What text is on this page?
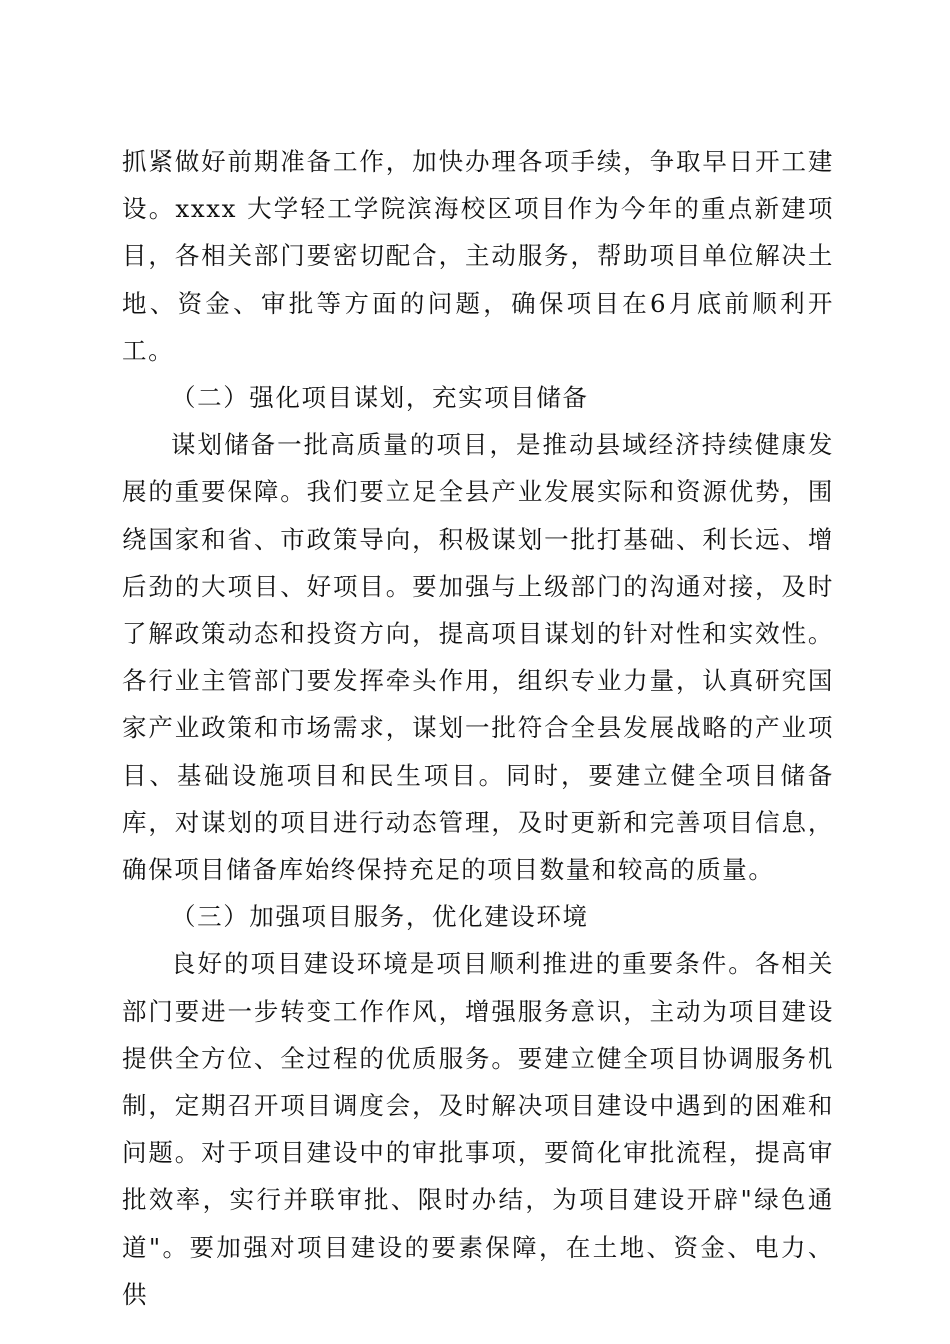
抓紧做好前期准备工作，加快办理各项手续，争取早日开工建设。xxxx 大学轻工学院滨海校区项目作为今年的重点新建项目，各相关部门要密切配合，主动服务，帮助项目单位解决土地、资金、审批等方面的问题，确保项目在6月底前顺利开工。

（二）强化项目谋划，充实项目储备

谋划储备一批高质量的项目，是推动县域经济持续健康发展的重要保障。我们要立足全县产业发展实际和资源优势，围绕国家和省、市政策导向，积极谋划一批打基础、利长远、增后劲的大项目、好项目。要加强与上级部门的沟通对接，及时了解政策动态和投资方向，提高项目谋划的针对性和实效性。各行业主管部门要发挥牵头作用，组织专业力量，认真研究国家产业政策和市场需求，谋划一批符合全县发展战略的产业项目、基础设施项目和民生项目。同时，要建立健全项目储备库，对谋划的项目进行动态管理，及时更新和完善项目信息，确保项目储备库始终保持充足的项目数量和较高的质量。

（三）加强项目服务，优化建设环境

良好的项目建设环境是项目顺利推进的重要条件。各相关部门要进一步转变工作作风，增强服务意识，主动为项目建设提供全方位、全过程的优质服务。要建立健全项目协调服务机制，定期召开项目调度会，及时解决项目建设中遇到的困难和问题。对于项目建设中的审批事项，要简化审批流程，提高审批效率，实行并联审批、限时办结，为项目建设开辟"绿色通道"。要加强对项目建设的要素保障，在土地、资金、电力、供
